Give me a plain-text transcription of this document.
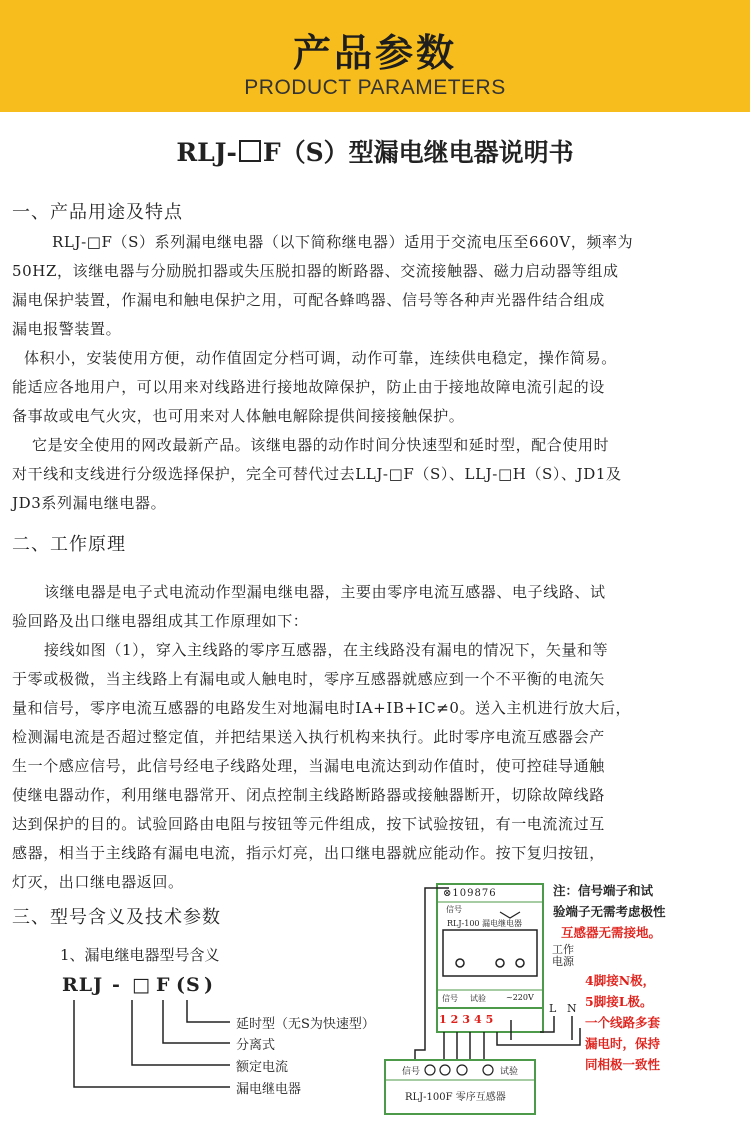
产品参数
PRODUCT PARAMETERS
RLJ- F（S）型漏电继电器说明书
一、产品用途及特点

RLJ-□F（S）系列漏电继电器（以下简称继电器）适用于交流电压至660V，频率为

50HZ，该继电器与分励脱扣器或失压脱扣器的断路器、交流接触器、磁力启动器等组成

漏电保护装置，作漏电和触电保护之用，可配各蜂鸣器、信号等各种声光器件结合组成

漏电报警装置。

体积小，安装使用方便，动作值固定分档可调，动作可靠，连续供电稳定，操作简易。

能适应各地用户，可以用来对线路进行接地故障保护，防止由于接地故障电流引起的设

备事故或电气火灾，也可用来对人体触电解除提供间接接触保护。

它是安全使用的网改最新产品。该继电器的动作时间分快速型和延时型，配合使用时

对干线和支线进行分级选择保护，完全可替代过去LLJ-□F（S）、LLJ-□H（S）、JD1及

JD3系列漏电继电器。

二、工作原理

该继电器是电子式电流动作型漏电继电器，主要由零序电流互感器、电子线路、试

验回路及出口继电器组成其工作原理如下：

接线如图（1），穿入主线路的零序互感器，在主线路没有漏电的情况下，矢量和等

于零或极微，当主线路上有漏电或人触电时，零序互感器就感应到一个不平衡的电流矢

量和信号，零序电流互感器的电路发生对地漏电时IA+IB+IC≠0。送入主机进行放大后，

检测漏电流是否超过整定值，并把结果送入执行机构来执行。此时零序电流互感器会产

生一个感应信号，此信号经电子线路处理，当漏电电流达到动作值时，使可控硅导通触

使继电器动作，利用继电器常开、闭点控制主线路断路器或接触器断开，切除故障线路

达到保护的目的。试验回路由电阻与按钮等元件组成，按下试验按钮，有一电流流过互

感器，相当于主线路有漏电电流，指示灯亮，出口继电器就应能动作。按下复归按钮，

灯灭，出口继电器返回。

三、型号含义及技术参数
1、漏电继电器型号含义
RLJ - □ F ( S )
延时型（无S为快速型）
分离式
额定电流
漏电继电器
⊗109876
信号
RLJ-100 漏电继电器
信号 试验	~220V
12345
工作电源
L N
信号	试验
RLJ-100F 零序互感器
注：信号端子和试
验端子无需考虑极性
互感器无需接地。
4脚接N极，
5脚接L极。
一个线路多套
漏电时，保持
同相极一致性
